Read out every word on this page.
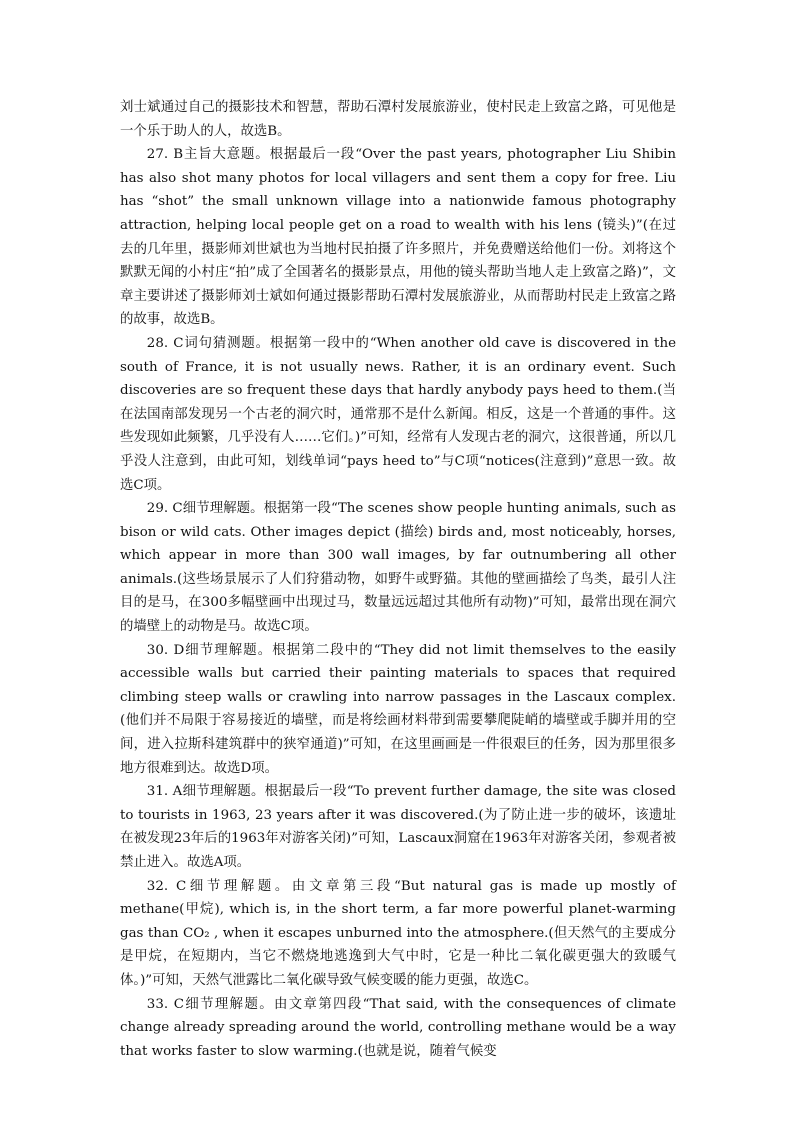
刘士斌通过自己的摄影技术和智慧，帮助石潭村发展旅游业，使村民走上致富之路，可见他是一个乐于助人的人，故选B。

27. B主旨大意题。根据最后一段“Over the past years, photographer Liu Shibin has also shot many photos for local villagers and sent them a copy for free. Liu has “shot” the small unknown village into a nationwide famous photography attraction, helping local people get on a road to wealth with his lens (镜头)”(在过去的几年里，摄影师刘世斌也为当地村民拍摄了许多照片，并免费赠送给他们一份。刘将这个默默无闻的小村庄“拍”成了全国著名的摄影景点，用他的镜头帮助当地人走上致富之路)”，文章主要讲述了摄影师刘士斌如何通过摄影帮助石潭村发展旅游业，从而帮助村民走上致富之路的故事，故选B。

28. C词句猜测题。根据第一段中的“When another old cave is discovered in the south of France, it is not usually news. Rather, it is an ordinary event. Such discoveries are so frequent these days that hardly anybody pays heed to them.(当在法国南部发现另一个古老的洞穴时，通常那不是什么新闻。相反，这是一个普通的事件。这些发现如此频繁，几乎没有人……它们。)”可知，经常有人发现古老的洞穴，这很普通，所以几乎没人注意到，由此可知，划线单词“pays heed to”与C项“notices(注意到)”意思一致。故选C项。

29. C细节理解题。根据第一段“The scenes show people hunting animals, such as bison or wild cats. Other images depict (描绘) birds and, most noticeably, horses, which appear in more than 300 wall images, by far outnumbering all other animals.(这些场景展示了人们狩猎动物，如野牛或野猫。其他的壁画描绘了鸟类，最引人注目的是马，在300多幅壁画中出现过马，数量远远超过其他所有动物)”可知，最常出现在洞穴的墙壁上的动物是马。故选C项。

30. D细节理解题。根据第二段中的“They did not limit themselves to the easily accessible walls but carried their painting materials to spaces that required climbing steep walls or crawling into narrow passages in the Lascaux complex.(他们并不局限于容易接近的墙壁，而是将绘画材料带到需要攀爬陡峭的墙壁或手脚并用的空间，进入拉斯科建筑群中的狭窄通道)”可知，在这里画画是一件很艰巨的任务，因为那里很多地方很难到达。故选D项。

31. A细节理解题。根据最后一段“To prevent further damage, the site was closed to tourists in 1963, 23 years after it was discovered.(为了防止进一步的破坏，该遗址在被发现23年后的1963年对游客关闭)”可知，Lascaux洞窟在1963年对游客关闭，参观者被禁止进入。故选A项。

32. C细节理解题。由文章第三段“But natural gas is made up mostly of methane(甲烷), which is, in the short term, a far more powerful planet-warming gas than CO₂ , when it escapes unburned into the atmosphere.(但天然气的主要成分是甲烷，在短期内，当它不燃烧地逃逸到大气中时，它是一种比二氧化碳更强大的致暖气体。)”可知，天然气泄露比二氧化碳导致气候变暖的能力更强，故选C。

33. C细节理解题。由文章第四段“That said, with the consequences of climate change already spreading around the world, controlling methane would be a way that works faster to slow warming.(也就是说，随着气候变
